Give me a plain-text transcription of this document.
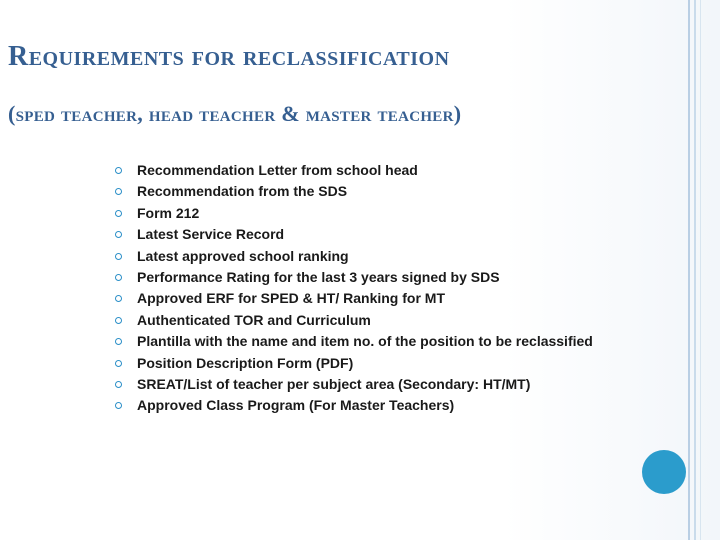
Requirements for reclassification
(sped teacher, head teacher & master teacher)
Recommendation Letter from school head
Recommendation from the SDS
Form 212
Latest Service Record
Latest approved school ranking
Performance Rating for the last 3 years signed by SDS
Approved ERF for SPED & HT/ Ranking for MT
Authenticated TOR and Curriculum
Plantilla with the name and item no. of the position to be reclassified
Position Description Form (PDF)
SREAT/List of teacher per subject area (Secondary: HT/MT)
Approved Class Program (For Master Teachers)
